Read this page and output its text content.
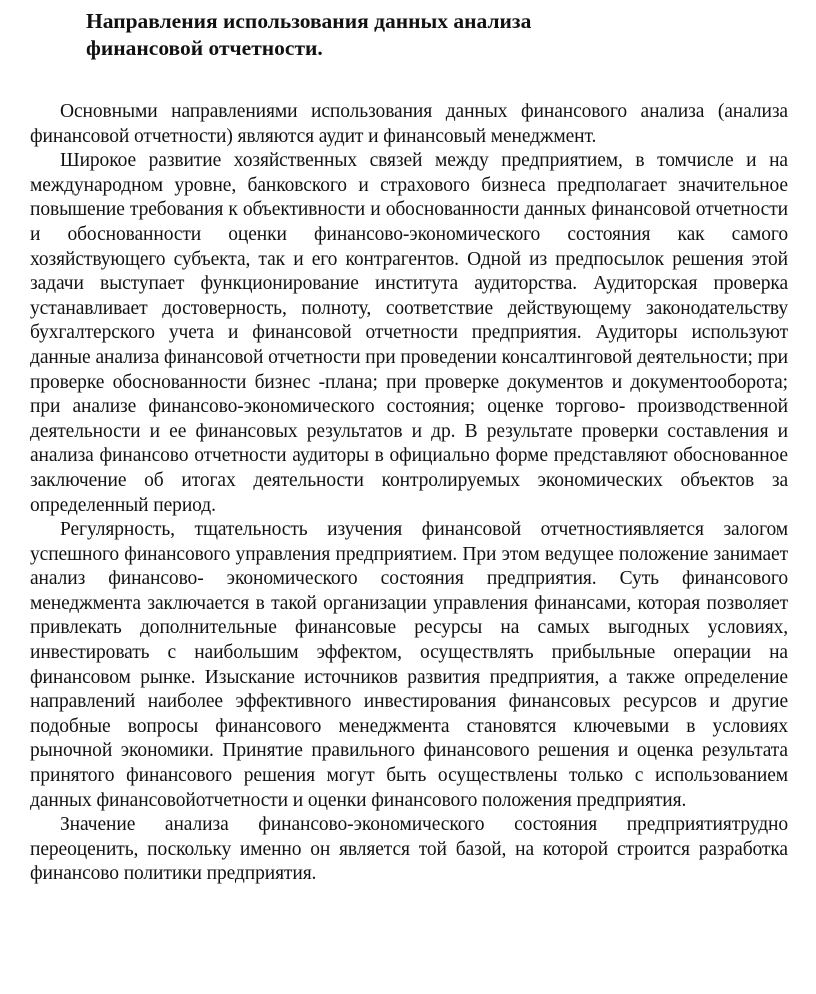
Направления использования данных анализа
финансовой отчетности.

Основными направлениями использования данных финансового анализа (анализа финансовой отчетности) являются аудит и финансовый менеджмент.

Широкое развитие хозяйственных связей между предприятием, в томчисле и на международном уровне, банковского и страхового бизнеса предполагает значительное повышение требования к объективности и обоснованности данных финансовой отчетности и обоснованности оценки финансово-экономического состояния как самого хозяйствующего субъекта, так и его контрагентов. Одной из предпосылок решения этой задачи выступает функционирование института аудиторства. Аудиторская проверка устанавливает достоверность, полноту, соответствие действующему законодательству бухгалтерского учета и финансовой отчетности предприятия. Аудиторы используют данные анализа финансовой отчетности при проведении консалтинговой деятельности; при проверке обоснованности бизнес -плана; при проверке документов и документооборота; при анализе финансово-экономического состояния; оценке торгово- производственной деятельности и ее финансовых результатов и др. В результате проверки составления и анализа финансово отчетности аудиторы в официально форме представляют обоснованное заключение об итогах деятельности контролируемых экономических объектов за определенный период.

Регулярность, тщательность изучения финансовой отчетностиявляется залогом успешного финансового управления предприятием. При этом ведущее положение занимает анализ финансово- экономического состояния предприятия. Суть финансового менеджмента заключается в такой организации управления финансами, которая позволяет привлекать дополнительные финансовые ресурсы на самых выгодных условиях, инвестировать с наибольшим эффектом, осуществлять прибыльные операции на финансовом рынке. Изыскание источников развития предприятия, а также определение направлений наиболее эффективного инвестирования финансовых ресурсов и другие подобные вопросы финансового менеджмента становятся ключевыми в условиях рыночной экономики. Принятие правильного финансового решения и оценка результата принятого финансового решения могут быть осуществлены только с использованием данных финансовойотчетности и оценки финансового положения предприятия.

Значение анализа финансово-экономического состояния предприятиятрудно переоценить, поскольку именно он является той базой, на которой строится разработка финансово политики предприятия.
